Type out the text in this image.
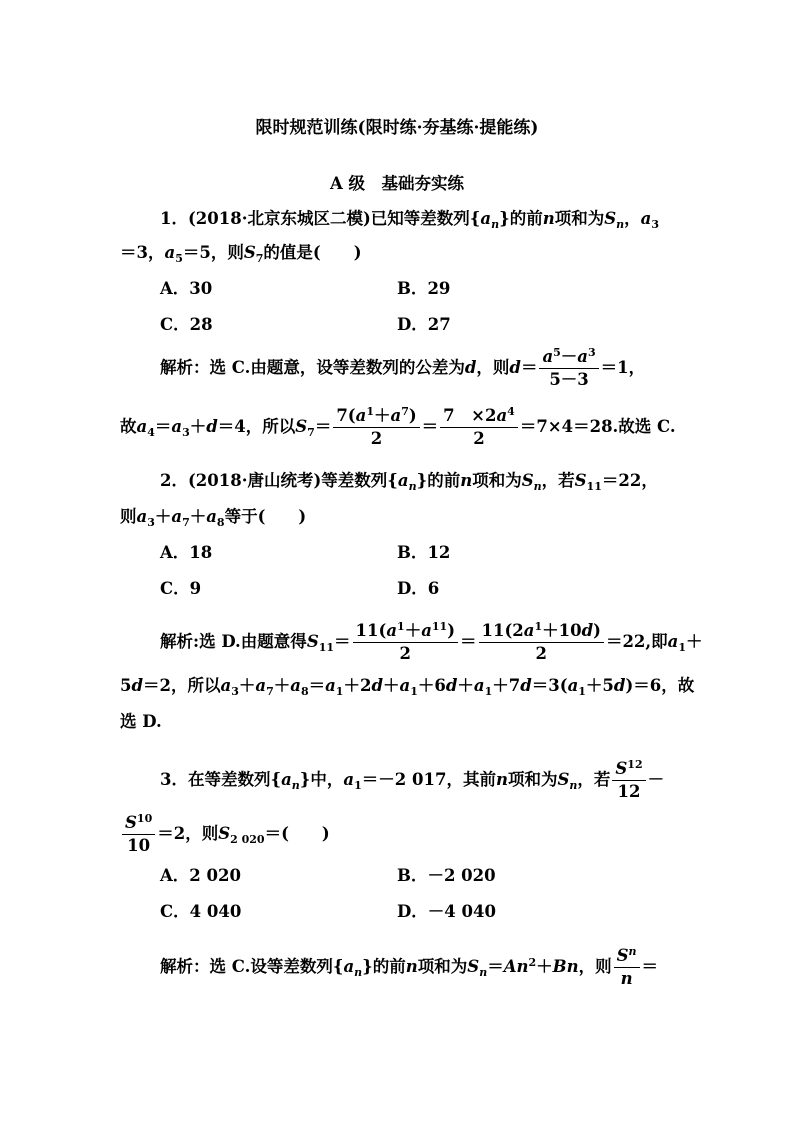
限时规范训练(限时练·夯基练·提能练)
A 级　基础夯实练
1．(2018·北京东城区二模)已知等差数列$\{a_n\}$的前n项和为$S_n$，$a_3$
＝3，$a_5=5$，则$S_7$的值是(　　)
A．30	B．29
C．28	D．27
解析：选 C.由题意，设等差数列的公差为d，则$d= \frac{a^5-a^3}{5-3} =1$，
故$a_4=a_3+d=4$，所以$S_7= \frac{7(a^1+a^7)}{2} = \frac{7 \times 2a^4}{2} =7\times 4=28$.故选 C.
2．(2018·唐山统考)等差数列$\{a_n\}$的前n项和为$S_n$，若$S_{11}=22$，
则$a_3+a_7+a_8$等于(　　)
A．18	B．12
C．9	D．6
解析:选 D.由题意得$S_{11}= \frac{11(a^1+a^{11})}{2} = \frac{11(2a^1+10d)}{2} =22$,即$a_1+$
5d＝2，所以$a_3+a_7+a_8=a_1+2d+a_1+6d+a_1+7d=3(a_1+5d)=6$，故
选 D.
3．在等差数列$\{a_n\}$中，$a_1=-2$ 017，其前n项和为$S_n$，若 $\frac{S^{12}}{12}$ －
$\frac{S^{10}}{10} =2$，则$S_{2 020}=$(　　)
A．2 020	B．－2 020
C．4 040	D．－4 040
解析：选 C.设等差数列$\{a_n\}$的前n项和为$S_n=An^2+Bn$，则 $\frac{S^n}{n}$ ＝
